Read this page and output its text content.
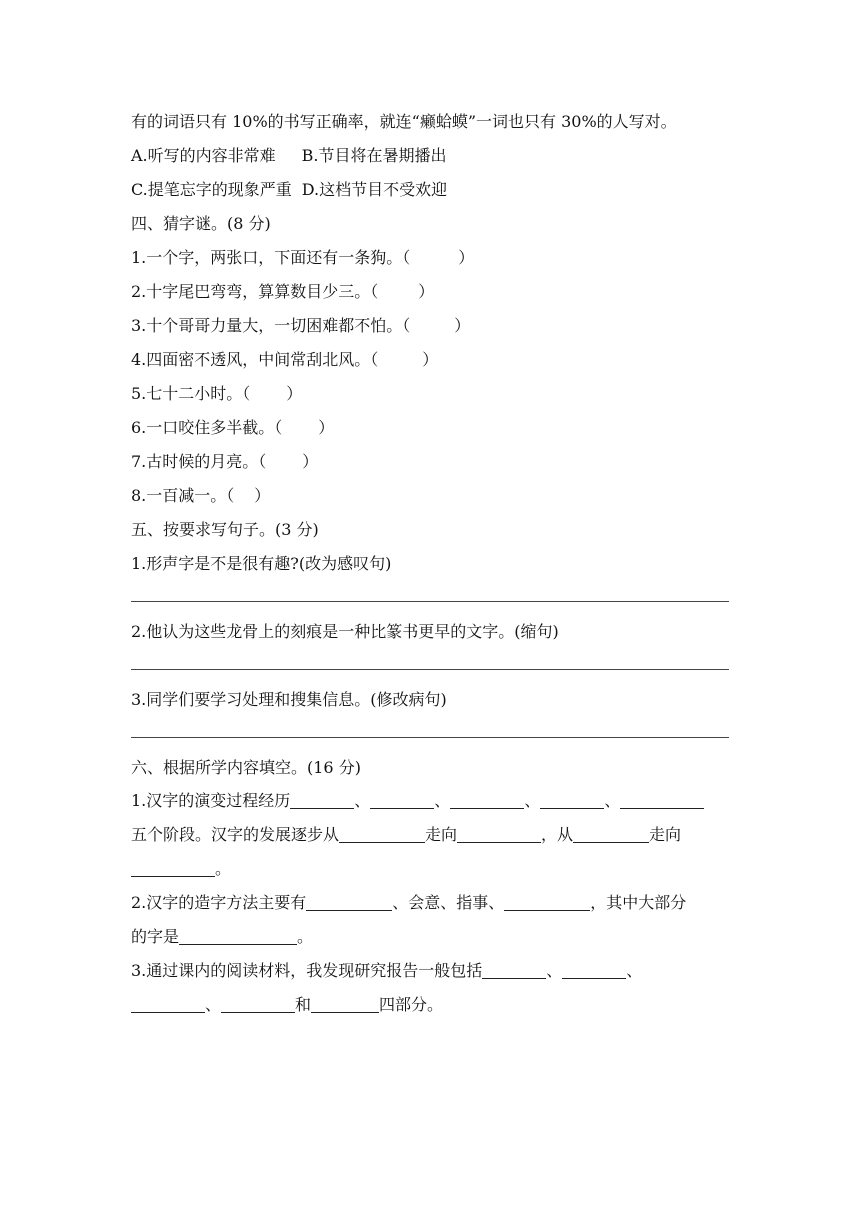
有的词语只有 10%的书写正确率，就连“癞蛤蟆”一词也只有 30%的人写对。
A.听写的内容非常难 B.节目将在暑期播出
C.提笔忘字的现象严重 D.这档节目不受欢迎
四、猜字谜。(8 分)
1.一个字，两张口，下面还有一条狗。（	）
2.十字尾巴弯弯，算算数目少三。（	）
3.十个哥哥力量大，一切困难都不怕。（	）
4.四面密不透风，中间常刮北风。（	）
5.七十二小时。（ ）
6.一口咬住多半截。（ ）
7.古时候的月亮。（ ）
8.一百减一。（ ）
五、按要求写句子。(3 分)
1.形声字是不是很有趣?(改为感叹句)
2.他认为这些龙骨上的刻痕是一种比篆书更早的文字。(缩句)
3.同学们要学习处理和搜集信息。(修改病句)
六、根据所学内容填空。(16 分)
1.汉字的演变过程经历	、	、	、	、
五个阶段。汉字的发展逐步从	走向	，从	走向
。
2.汉字的造字方法主要有	、会意、指事、	，其中大部分
的字是	。
3.通过课内的阅读材料，我发现研究报告一般包括	、	、
、	和	四部分。
